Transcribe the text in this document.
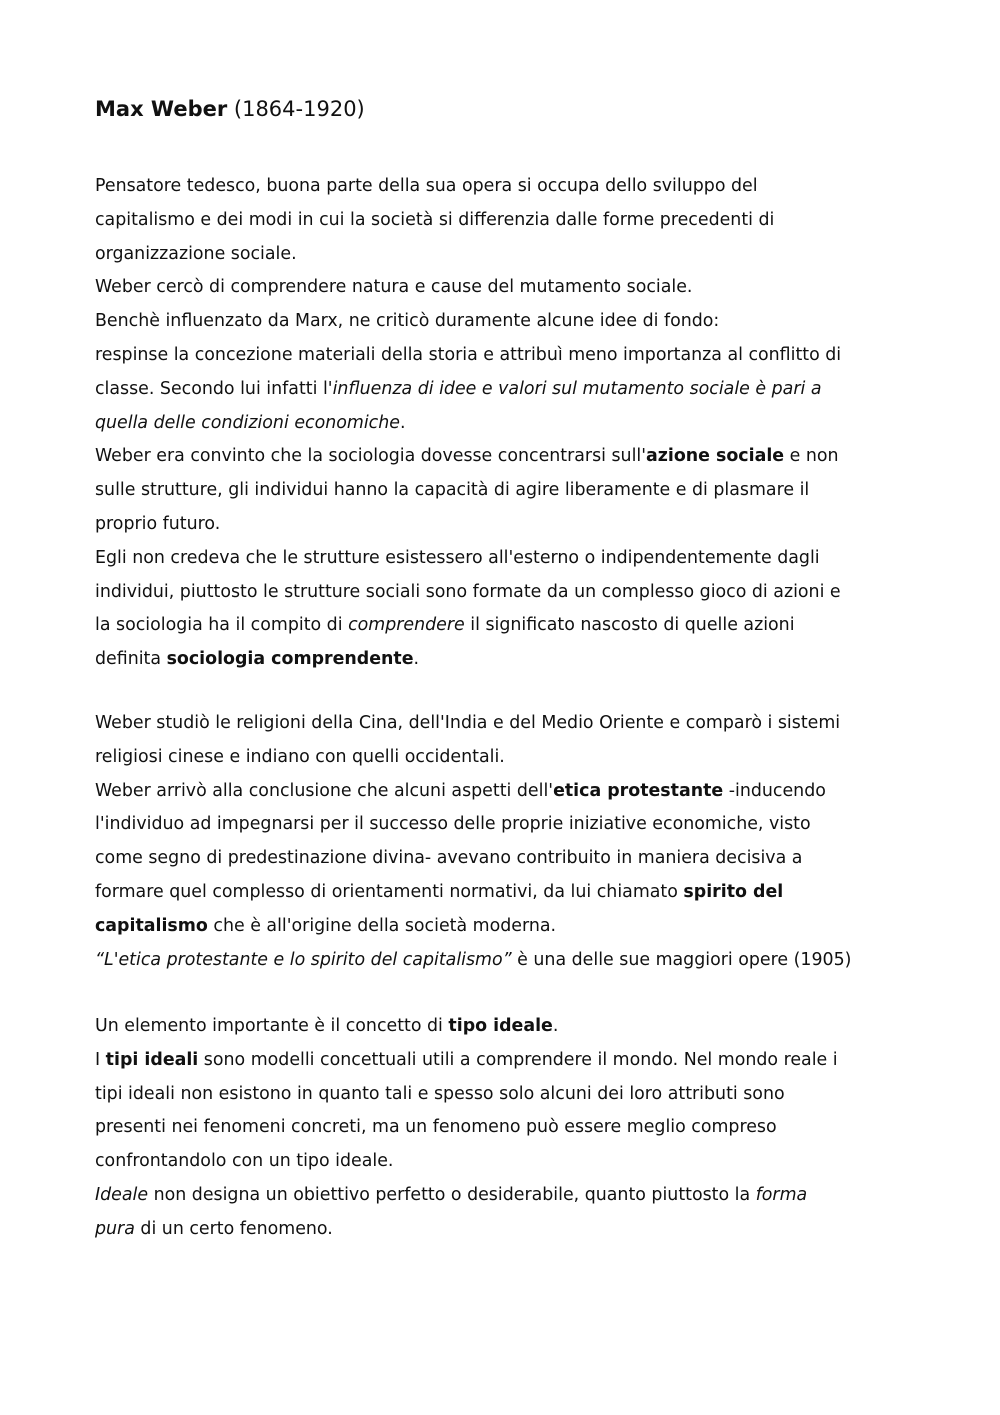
Max Weber (1864-1920)
Pensatore tedesco, buona parte della sua opera si occupa dello sviluppo del
capitalismo e dei modi in cui la società si differenzia dalle forme precedenti di
organizzazione sociale.
Weber cercò di comprendere natura e cause del mutamento sociale.
Benchè influenzato da Marx, ne criticò duramente alcune idee di fondo:
respinse la concezione materiali della storia e attribuì meno importanza al conflitto di
classe. Secondo lui infatti l'influenza di idee e valori sul mutamento sociale è pari a
quella delle condizioni economiche.
Weber era convinto che la sociologia dovesse concentrarsi sull'azione sociale e non
sulle strutture, gli individui hanno la capacità di agire liberamente e di plasmare il
proprio futuro.
Egli non credeva che le strutture esistessero all'esterno o indipendentemente dagli
individui, piuttosto le strutture sociali sono formate da un complesso gioco di azioni e
la sociologia ha il compito di comprendere il significato nascosto di quelle azioni
definita sociologia comprendente.
Weber studiò le religioni della Cina, dell'India e del Medio Oriente e comparò i sistemi
religiosi cinese e indiano con quelli occidentali.
Weber arrivò alla conclusione che alcuni aspetti dell'etica protestante -inducendo
l'individuo ad impegnarsi per il successo delle proprie iniziative economiche, visto
come segno di predestinazione divina- avevano contribuito in maniera decisiva a
formare quel complesso di orientamenti normativi, da lui chiamato spirito del
capitalismo che è all'origine della società moderna.
“L'etica protestante e lo spirito del capitalismo” è una delle sue maggiori opere (1905)
Un elemento importante è il concetto di tipo ideale.
I tipi ideali sono modelli concettuali utili a comprendere il mondo. Nel mondo reale i
tipi ideali non esistono in quanto tali e spesso solo alcuni dei loro attributi sono
presenti nei fenomeni concreti, ma un fenomeno può essere meglio compreso
confrontandolo con un tipo ideale.
Ideale non designa un obiettivo perfetto o desiderabile, quanto piuttosto la forma
pura di un certo fenomeno.
